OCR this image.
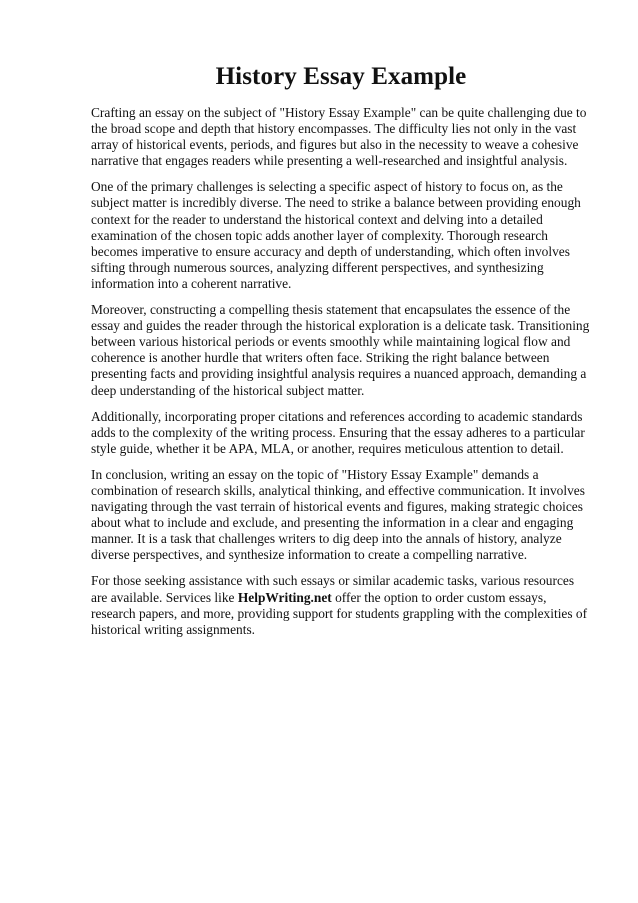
History Essay Example

Crafting an essay on the subject of "History Essay Example" can be quite challenging due to the broad scope and depth that history encompasses. The difficulty lies not only in the vast array of historical events, periods, and figures but also in the necessity to weave a cohesive narrative that engages readers while presenting a well-researched and insightful analysis.

One of the primary challenges is selecting a specific aspect of history to focus on, as the subject matter is incredibly diverse. The need to strike a balance between providing enough context for the reader to understand the historical context and delving into a detailed examination of the chosen topic adds another layer of complexity. Thorough research becomes imperative to ensure accuracy and depth of understanding, which often involves sifting through numerous sources, analyzing different perspectives, and synthesizing information into a coherent narrative.

Moreover, constructing a compelling thesis statement that encapsulates the essence of the essay and guides the reader through the historical exploration is a delicate task. Transitioning between various historical periods or events smoothly while maintaining logical flow and coherence is another hurdle that writers often face. Striking the right balance between presenting facts and providing insightful analysis requires a nuanced approach, demanding a deep understanding of the historical subject matter.

Additionally, incorporating proper citations and references according to academic standards adds to the complexity of the writing process. Ensuring that the essay adheres to a particular style guide, whether it be APA, MLA, or another, requires meticulous attention to detail.

In conclusion, writing an essay on the topic of "History Essay Example" demands a combination of research skills, analytical thinking, and effective communication. It involves navigating through the vast terrain of historical events and figures, making strategic choices about what to include and exclude, and presenting the information in a clear and engaging manner. It is a task that challenges writers to dig deep into the annals of history, analyze diverse perspectives, and synthesize information to create a compelling narrative.

For those seeking assistance with such essays or similar academic tasks, various resources are available. Services like HelpWriting.net offer the option to order custom essays, research papers, and more, providing support for students grappling with the complexities of historical writing assignments.
